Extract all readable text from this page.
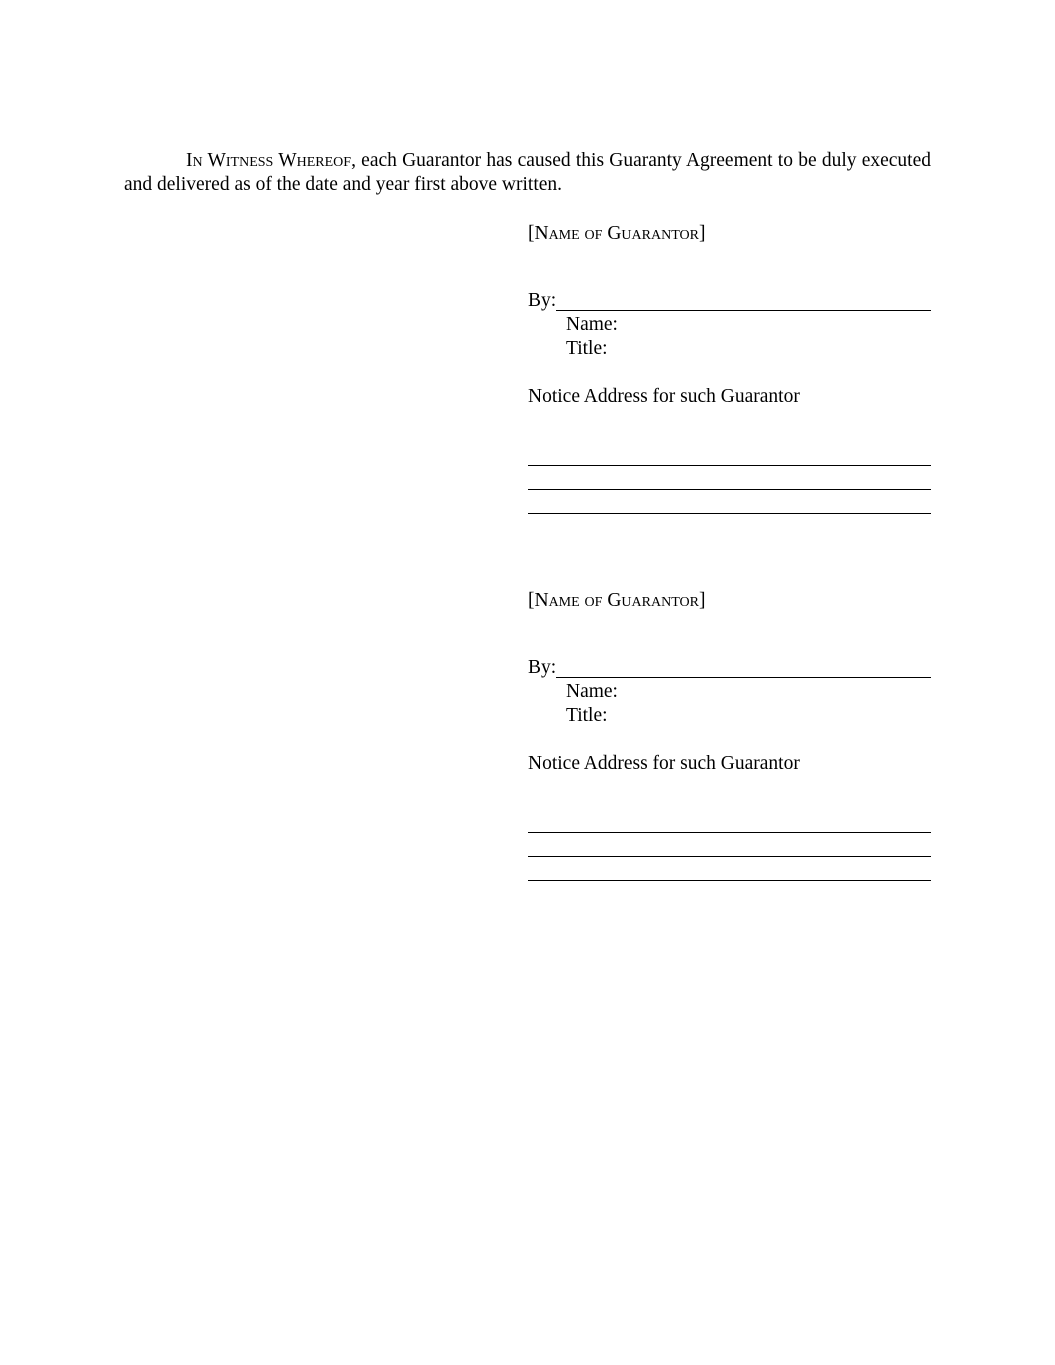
In Witness Whereof, each Guarantor has caused this Guaranty Agreement to be duly executed and delivered as of the date and year first above written.

[Name of Guarantor]
By:
Name:
Title:
Notice Address for such Guarantor
[Name of Guarantor]
By:
Name:
Title:
Notice Address for such Guarantor
